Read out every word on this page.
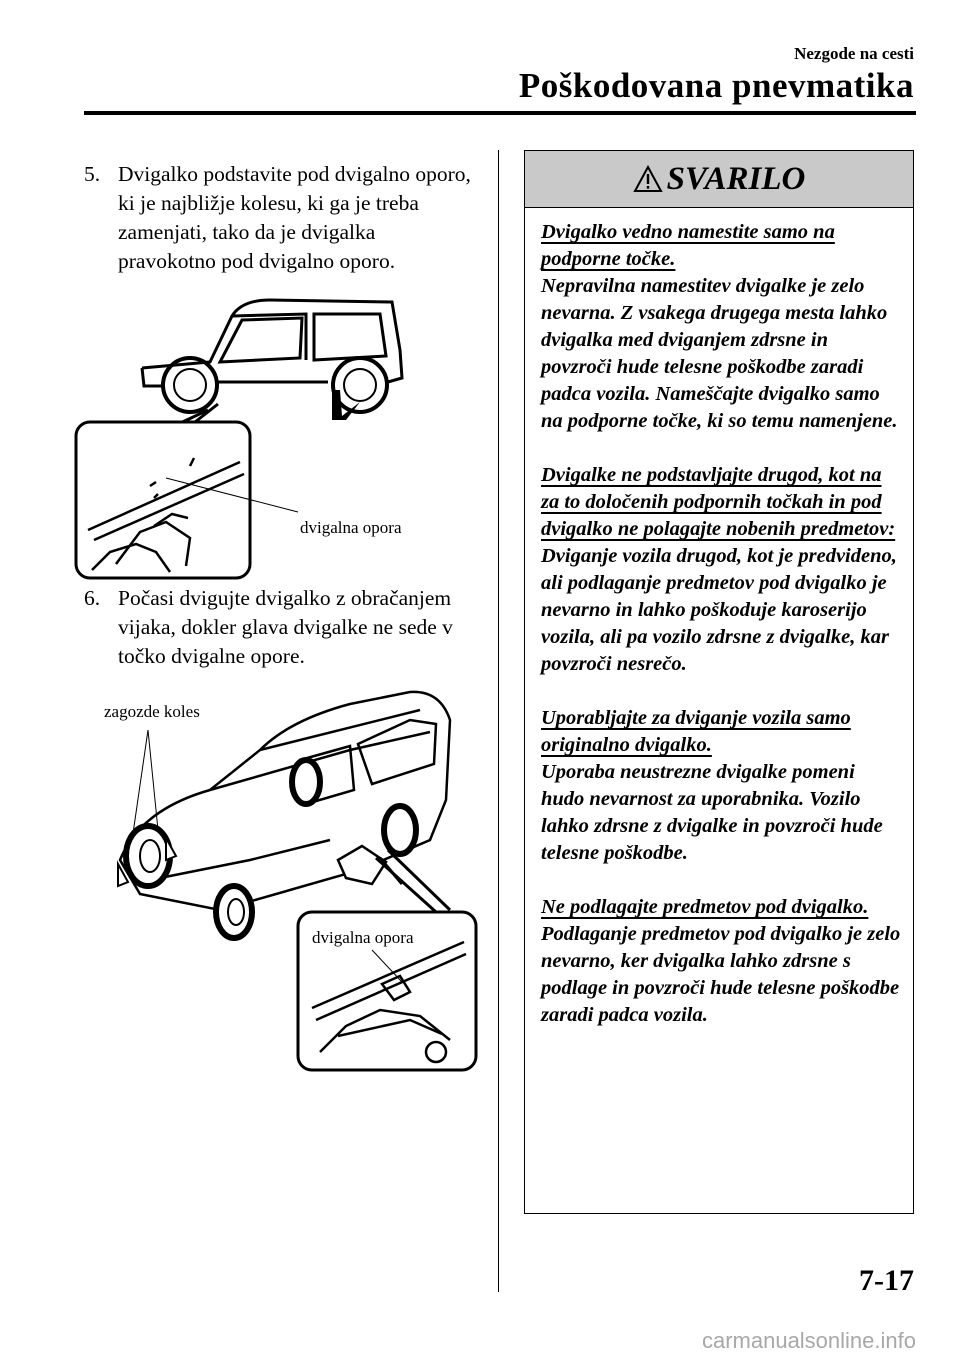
Nezgode na cesti
Poškodovana pnevmatika
5. Dvigalko podstavite pod dvigalno oporo, ki je najbližje kolesu, ki ga je treba zamenjati, tako da je dvigalka pravokotno pod dvigalno oporo.
dvigalna opora
6. Počasi dvigujte dvigalko z obračanjem vijaka, dokler glava dvigalke ne sede v točko dvigalne opore.
zagozde koles
dvigalna opora
SVARILO

Dvigalko vedno namestite samo na podporne točke.
Nepravilna namestitev dvigalke je zelo nevarna. Z vsakega drugega mesta lahko dvigalka med dviganjem zdrsne in povzroči hude telesne poškodbe zaradi padca vozila. Nameščajte dvigalko samo na podporne točke, ki so temu namenjene.

Dvigalke ne podstavljajte drugod, kot na za to določenih podpornih točkah in pod dvigalko ne polagajte nobenih predmetov:
Dviganje vozila drugod, kot je predvideno, ali podlaganje predmetov pod dvigalko je nevarno in lahko poškoduje karoserijo vozila, ali pa vozilo zdrsne z dvigalke, kar povzroči nesrečo.

Uporabljajte za dviganje vozila samo originalno dvigalko.
Uporaba neustrezne dvigalke pomeni hudo nevarnost za uporabnika. Vozilo lahko zdrsne z dvigalke in povzroči hude telesne poškodbe.

Ne podlagajte predmetov pod dvigalko.
Podlaganje predmetov pod dvigalko je zelo nevarno, ker dvigalka lahko zdrsne s podlage in povzroči hude telesne poškodbe zaradi padca vozila.

7-17
carmanualsonline.info
